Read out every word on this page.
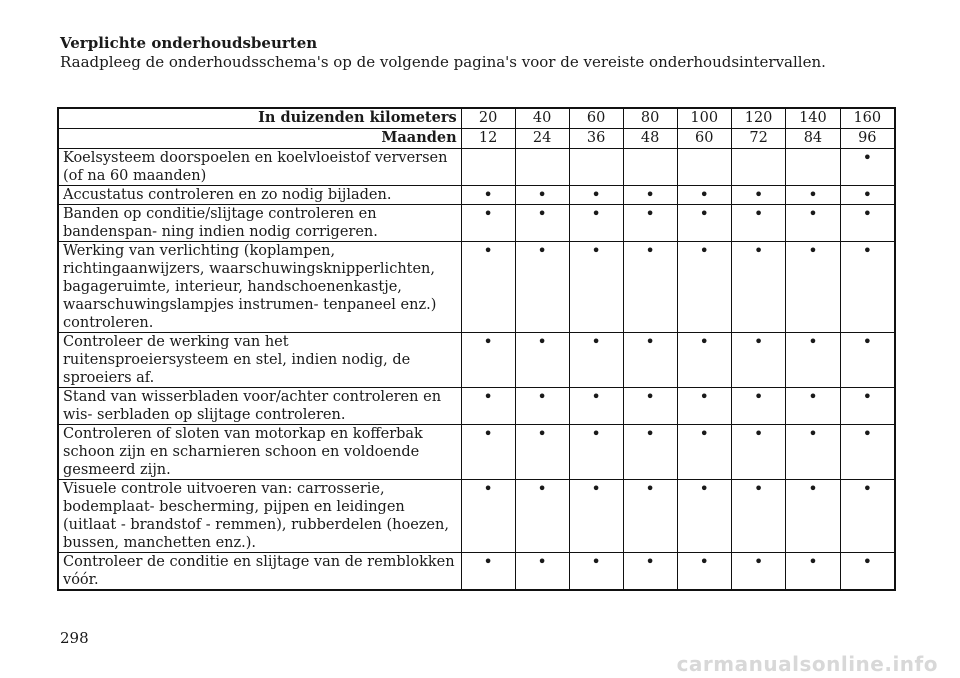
Verplichte onderhoudsbeurten
Raadpleeg de onderhoudsschema's op de volgende pagina's voor de vereiste onderhoudsintervallen.
In duizenden kilometers	20	40	60	80	100	120	140	160
Maanden	12	24	36	48	60	72	84	96
Koelsysteem doorspoelen en koelvloeistof verversen (of na 60 maanden)								•
Accustatus controleren en zo nodig bijladen.	•	•	•	•	•	•	•	•
Banden op conditie/slijtage controleren en bandenspan- ning indien nodig corrigeren.	•	•	•	•	•	•	•	•
Werking van verlichting (koplampen, richtingaanwijzers, waarschuwingsknipperlichten, bagageruimte, interieur, handschoenenkastje, waarschuwingslampjes instrumen- tenpaneel enz.) controleren.	•	•	•	•	•	•	•	•
Controleer de werking van het ruitensproeiersysteem en stel, indien nodig, de sproeiers af.	•	•	•	•	•	•	•	•
Stand van wisserbladen voor/achter controleren en wis- serbladen op slijtage controleren.	•	•	•	•	•	•	•	•
Controleren of sloten van motorkap en kofferbak schoon zijn en scharnieren schoon en voldoende gesmeerd zijn.	•	•	•	•	•	•	•	•
Visuele controle uitvoeren van: carrosserie, bodemplaat- bescherming, pijpen en leidingen (uitlaat - brandstof - remmen), rubberdelen (hoezen, bussen, manchetten enz.).	•	•	•	•	•	•	•	•
Controleer de conditie en slijtage van de remblokken vóór.	•	•	•	•	•	•	•	•
298
carmanualsonline.info
